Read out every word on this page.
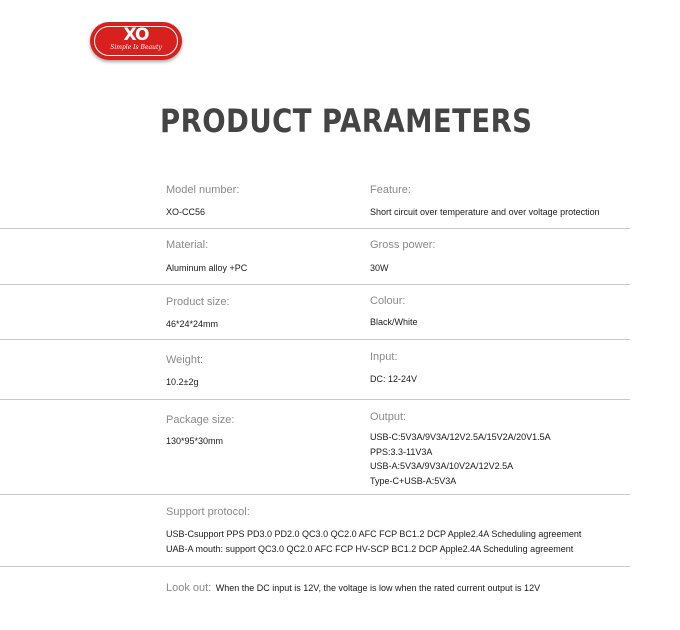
XO
Simple Is Beauty
PRODUCT PARAMETERS
Model number:
XO-CC56
Feature:
Short circuit over temperature and over voltage protection
Material:
Aluminum alloy +PC
Gross power:
30W
Product size:
46*24*24mm
Colour:
Black/White
Weight:
10.2±2g
Input:
DC: 12-24V
Package size:
130*95*30mm
Output:
USB-C:5V3A/9V3A/12V2.5A/15V2A/20V1.5A
PPS:3.3-11V3A
USB-A:5V3A/9V3A/10V2A/12V2.5A
Type-C+USB-A:5V3A
Support protocol:
USB-Csupport PPS PD3.0 PD2.0 QC3.0 QC2.0 AFC FCP BC1.2 DCP Apple2.4A Scheduling agreement
UAB-A mouth: support QC3.0 QC2.0 AFC FCP HV-SCP BC1.2 DCP Apple2.4A Scheduling agreement
Look out: When the DC input is 12V, the voltage is low when the rated current output is 12V
